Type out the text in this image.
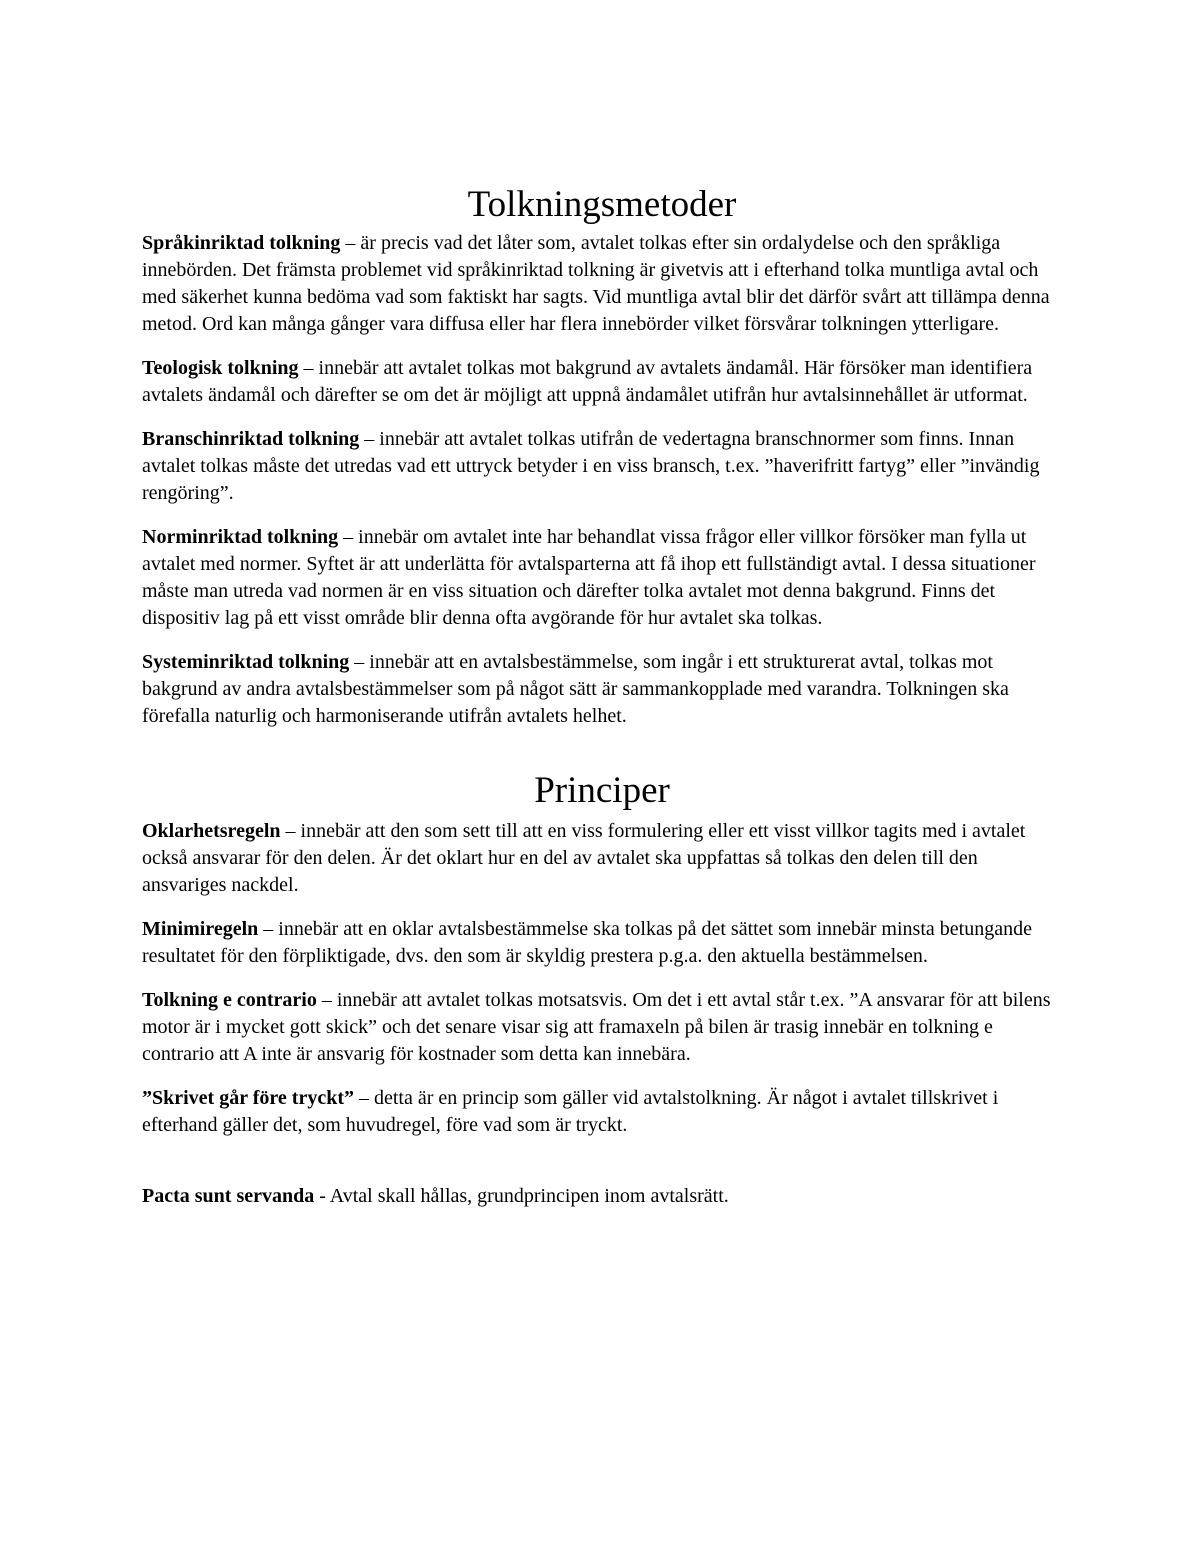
Tolkningsmetoder

Språkinriktad tolkning – är precis vad det låter som, avtalet tolkas efter sin ordalydelse och den språkliga innebörden. Det främsta problemet vid språkinriktad tolkning är givetvis att i efterhand tolka muntliga avtal och med säkerhet kunna bedöma vad som faktiskt har sagts. Vid muntliga avtal blir det därför svårt att tillämpa denna metod. Ord kan många gånger vara diffusa eller har flera innebörder vilket försvårar tolkningen ytterligare.

Teologisk tolkning – innebär att avtalet tolkas mot bakgrund av avtalets ändamål. Här försöker man identifiera avtalets ändamål och därefter se om det är möjligt att uppnå ändamålet utifrån hur avtalsinnehållet är utformat.

Branschinriktad tolkning – innebär att avtalet tolkas utifrån de vedertagna branschnormer som finns. Innan avtalet tolkas måste det utredas vad ett uttryck betyder i en viss bransch, t.ex. ”haverifritt fartyg” eller ”invändig rengöring”.

Norminriktad tolkning – innebär om avtalet inte har behandlat vissa frågor eller villkor försöker man fylla ut avtalet med normer. Syftet är att underlätta för avtalsparterna att få ihop ett fullständigt avtal. I dessa situationer måste man utreda vad normen är en viss situation och därefter tolka avtalet mot denna bakgrund. Finns det dispositiv lag på ett visst område blir denna ofta avgörande för hur avtalet ska tolkas.

Systeminriktad tolkning – innebär att en avtalsbestämmelse, som ingår i ett strukturerat avtal, tolkas mot bakgrund av andra avtalsbestämmelser som på något sätt är sammankopplade med varandra. Tolkningen ska förefalla naturlig och harmoniserande utifrån avtalets helhet.

Principer

Oklarhetsregeln – innebär att den som sett till att en viss formulering eller ett visst villkor tagits med i avtalet också ansvarar för den delen. Är det oklart hur en del av avtalet ska uppfattas så tolkas den delen till den ansvariges nackdel.

Minimiregeln – innebär att en oklar avtalsbestämmelse ska tolkas på det sättet som innebär minsta betungande resultatet för den förpliktigade, dvs. den som är skyldig prestera p.g.a. den aktuella bestämmelsen.

Tolkning e contrario – innebär att avtalet tolkas motsatsvis. Om det i ett avtal står t.ex. ”A ansvarar för att bilens motor är i mycket gott skick” och det senare visar sig att framaxeln på bilen är trasig innebär en tolkning e contrario att A inte är ansvarig för kostnader som detta kan innebära.

”Skrivet går före tryckt” – detta är en princip som gäller vid avtalstolkning. Är något i avtalet tillskrivet i efterhand gäller det, som huvudregel, före vad som är tryckt.

Pacta sunt servanda - Avtal skall hållas, grundprincipen inom avtalsrätt.
